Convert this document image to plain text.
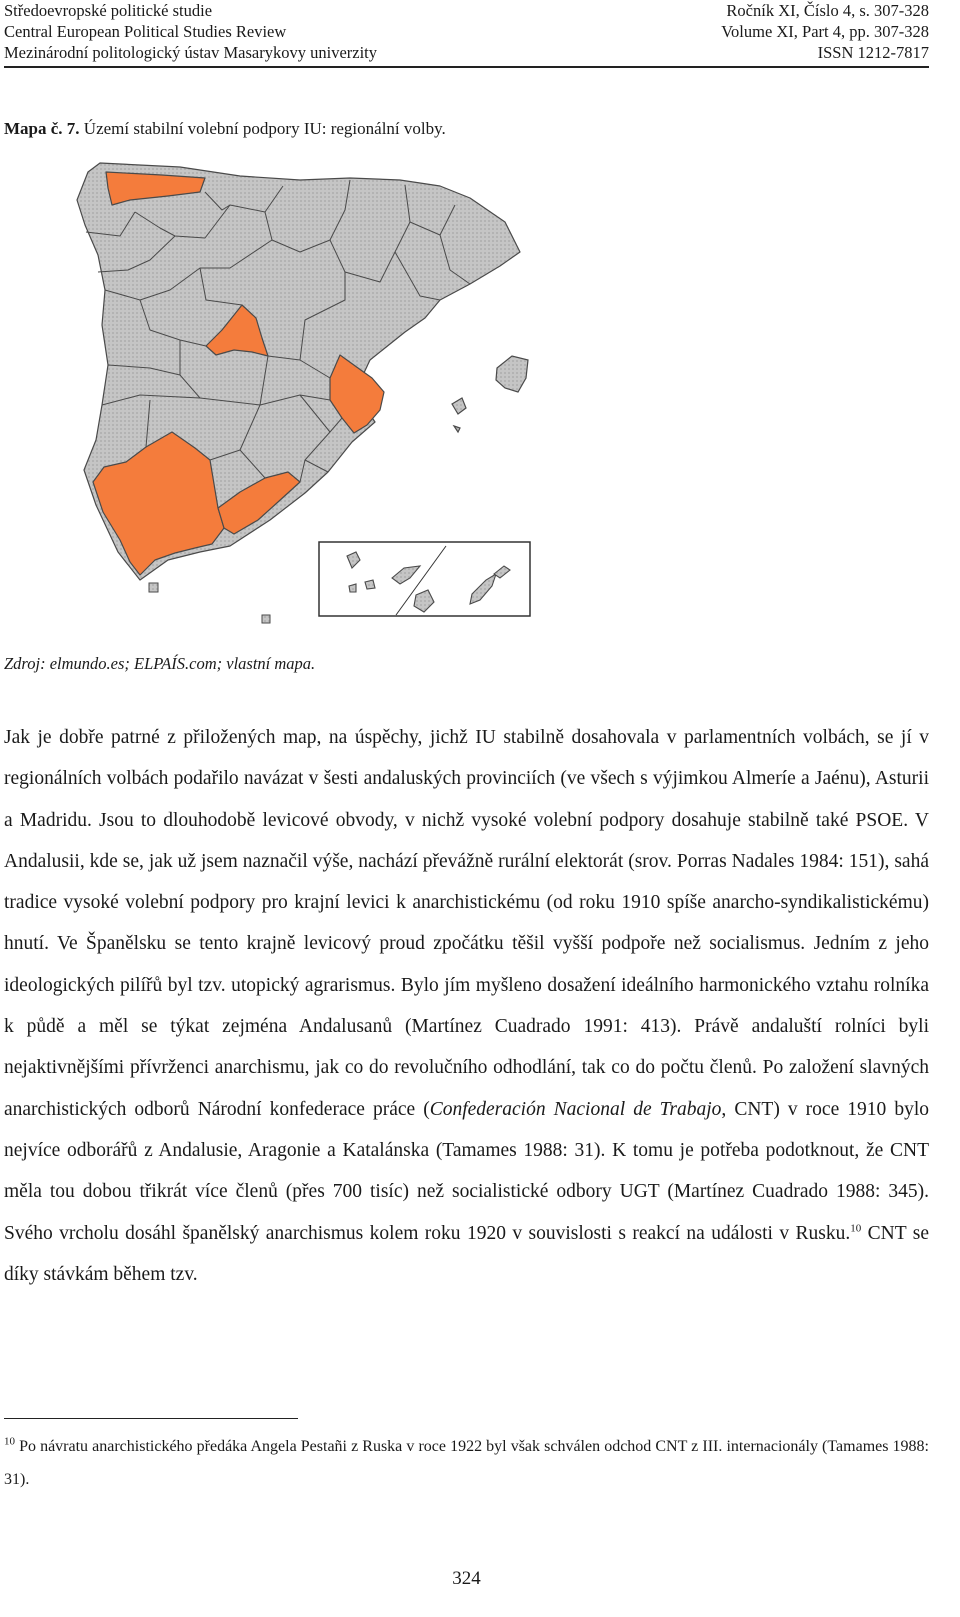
Středoevropské politické studie	Ročník XI, Číslo 4, s. 307-328
Central European Political Studies Review	Volume XI, Part 4, pp. 307-328
Mezinárodní politologický ústav Masarykovy univerzity	ISSN 1212-7817
Mapa č. 7. Území stabilní volební podpory IU: regionální volby.
Zdroj: elmundo.es; ELPAÍS.com; vlastní mapa.

Jak je dobře patrné z přiložených map, na úspěchy, jichž IU stabilně dosahovala v parlamentních volbách, se jí v regionálních volbách podařilo navázat v šesti andaluských provinciích (ve všech s výjimkou Almeríe a Jaénu), Asturii a Madridu. Jsou to dlouhodobě levicové obvody, v nichž vysoké volební podpory dosahuje stabilně také PSOE. V Andalusii, kde se, jak už jsem naznačil výše, nachází převážně rurální elektorát (srov. Porras Nadales 1984: 151), sahá tradice vysoké volební podpory pro krajní levici k anarchistickému (od roku 1910 spíše anarcho-syndikalistickému) hnutí. Ve Španělsku se tento krajně levicový proud zpočátku těšil vyšší podpoře než socialismus. Jedním z jeho ideologických pilířů byl tzv. utopický agrarismus. Bylo jím myšleno dosažení ideálního harmonického vztahu rolníka k půdě a měl se týkat zejména Andalusanů (Martínez Cuadrado 1991: 413). Právě andaluští rolníci byli nejaktivnějšími přívrženci anarchismu, jak co do revolučního odhodlání, tak co do počtu členů. Po založení slavných anarchistických odborů Národní konfederace práce (Confederación Nacional de Trabajo, CNT) v roce 1910 bylo nejvíce odborářů z Andalusie, Aragonie a Katalánska (Tamames 1988: 31). K tomu je potřeba podotknout, že CNT měla tou dobou třikrát více členů (přes 700 tisíc) než socialistické odbory UGT (Martínez Cuadrado 1988: 345). Svého vrcholu dosáhl španělský anarchismus kolem roku 1920 v souvislosti s reakcí na události v Rusku.$^{10}$ CNT se díky stávkám během tzv.

$^{10}$ Po návratu anarchistického předáka Angela Pestañi z Ruska v roce 1922 byl však schválen odchod CNT z III. internacionály (Tamames 1988: 31).
324
